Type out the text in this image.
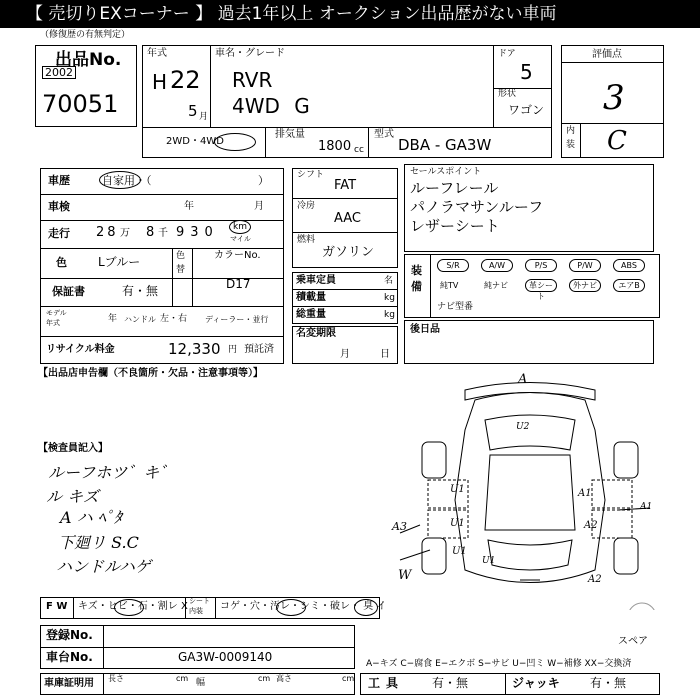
【 売切りEXコーナー 】 過去1年以上 オークション出品歴がない車両
（修復歴の有無判定）
出品No.
2002
70051
年式
H 22
5 月
車名・グレード
RVR
4WD G
ドア
5
形状
ワゴン
2WD・4WD
排気量
1800 cc
型式
DBA - GA3W
評価点
3
内
装 C
車歴	自家用・（	）
車検	年	月
走行 28 万 8 千 930 km
マイル
色	Lブルー	色
替
カラーNo.
D17
保証書	有・無
モデル
年式	年 ハンドル 左・右 ディーラー・並行
リサイクル料金	12,330 円 預託済
シフト
FAT
冷房
AAC
燃料
ガソリン
乗車定員	名
積載量	kg
総重量	kg
名変期限
月	日
セールスポイント
ルーフレール
パノラマサンルーフ
レザーシート
装
備
S/R	A/W	P/S	P/W	ABS
純TV	純ナビ	革シート
外ナビ	エアB
ナビ型番
後日品
【出品店申告欄（不良箇所・欠品・注意事項等）】
【検査員記入】
ルーフホツ゛キ゛
ル キズ
A ハ ﾍﾟﾀ
下廻リ S.C
ハンドルハゲ
A
U1
U1
U1
A1
A2
A2
A3
W
U1
A1
U2
スペア
F W キズ・ヒビ・石・割レ X シート
内装 コゲ・穴・汚レ・シミ・破レ・ 臭 イ
登録No.
車台No.	GA3W-0009140	A−キズ C−腐食 E−エクボ S−サビ U−凹ミ W−補修 XX−交換済
車庫証明用 長さ	cm 幅	cm 高さ	cm 工具 有・無	ジャッキ	有・無
